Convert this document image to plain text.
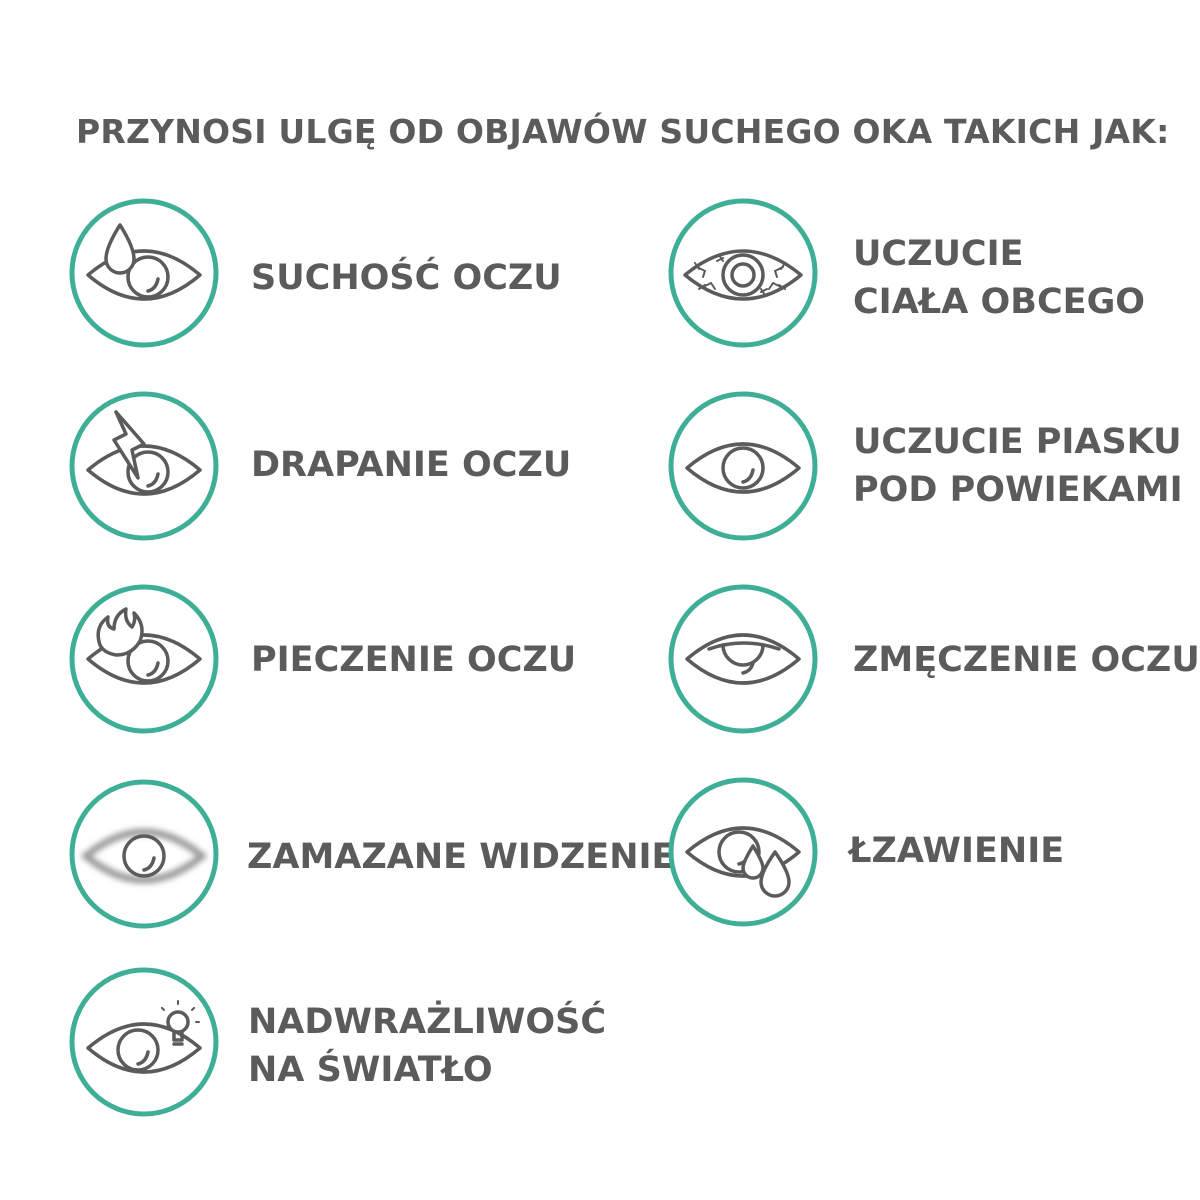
PRZYNOSI ULGĘ OD OBJAWÓW SUCHEGO OKA TAKICH JAK:
SUCHOŚĆ OCZU
UCZUCIE
CIAŁA OBCEGO
DRAPANIE OCZU
UCZUCIE PIASKU
POD POWIEKAMI
PIECZENIE OCZU	ZMĘCZENIE OCZU
ZAMAZANE WIDZENIE	ŁZAWIENIE
NADWRAŻLIWOŚĆ
NA ŚWIATŁO
